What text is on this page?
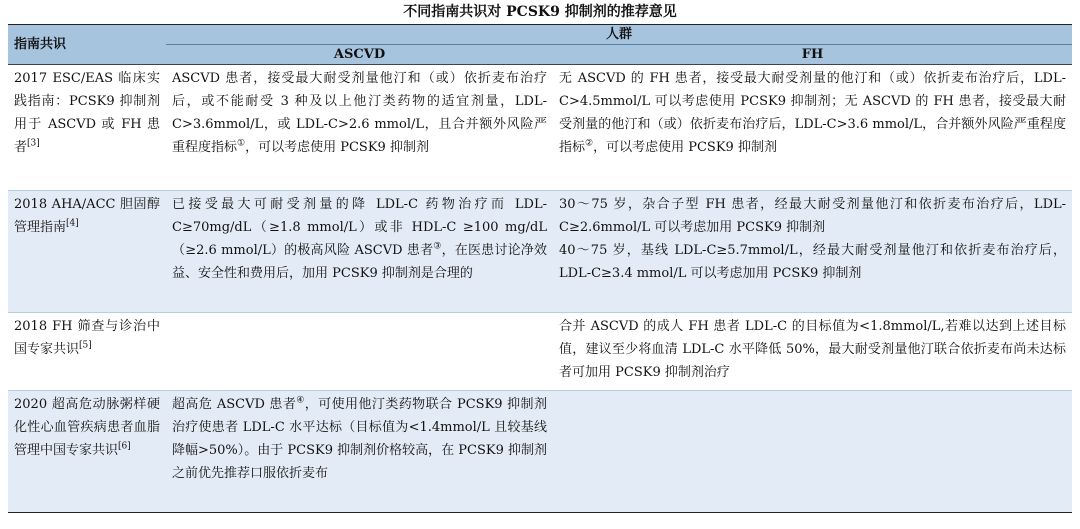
不同指南共识对 PCSK9 抑制剂的推荐意见
指南共识	人群	
	ASCVD	FH
2017 ESC/EAS 临床实践指南：PCSK9 抑制剂用于 ASCVD 或 FH 患者[3]	ASCVD 患者，接受最大耐受剂量他汀和（或）依折麦布治疗后，或不能耐受 3 种及以上他汀类药物的适宜剂量，LDL-C>3.6mmol/L，或 LDL-C>2.6 mmol/L，且合并额外风险严重程度指标①，可以考虑使用 PCSK9 抑制剂	无 ASCVD 的 FH 患者，接受最大耐受剂量的他汀和（或）依折麦布治疗后，LDL-C>4.5mmol/L 可以考虑使用 PCSK9 抑制剂；无 ASCVD 的 FH 患者，接受最大耐受剂量的他汀和（或）依折麦布治疗后，LDL-C>3.6 mmol/L，合并额外风险严重程度指标②，可以考虑使用 PCSK9 抑制剂
2018 AHA/ACC 胆固醇管理指南[4]	已接受最大可耐受剂量的降 LDL-C 药物治疗而 LDL-C≥70mg/dL（≥1.8 mmol/L）或非 HDL-C ≥100 mg/dL（≥2.6 mmol/L）的极高风险 ASCVD 患者③，在医患讨论净效益、安全性和费用后，加用 PCSK9 抑制剂是合理的	30～75 岁，杂合子型 FH 患者，经最大耐受剂量他汀和依折麦布治疗后，LDL-C≥2.6mmol/L 可以考虑加用 PCSK9 抑制剂
40～75 岁，基线 LDL-C≥5.7mmol/L，经最大耐受剂量他汀和依折麦布治疗后，LDL-C≥3.4 mmol/L 可以考虑加用 PCSK9 抑制剂

2018 FH 筛查与诊治中国专家共识[5]		合并 ASCVD 的成人 FH 患者 LDL-C 的目标值为<1.8mmol/L,若难以达到上述目标值，建议至少将血清 LDL-C 水平降低 50%，最大耐受剂量他汀联合依折麦布尚未达标者可加用 PCSK9 抑制剂治疗
2020 超高危动脉粥样硬化性心血管疾病患者血脂管理中国专家共识[6]	超高危 ASCVD 患者④，可使用他汀类药物联合 PCSK9 抑制剂治疗使患者 LDL-C 水平达标（目标值为<1.4mmol/L 且较基线降幅>50%）。由于 PCSK9 抑制剂价格较高，在 PCSK9 抑制剂之前优先推荐口服依折麦布	
